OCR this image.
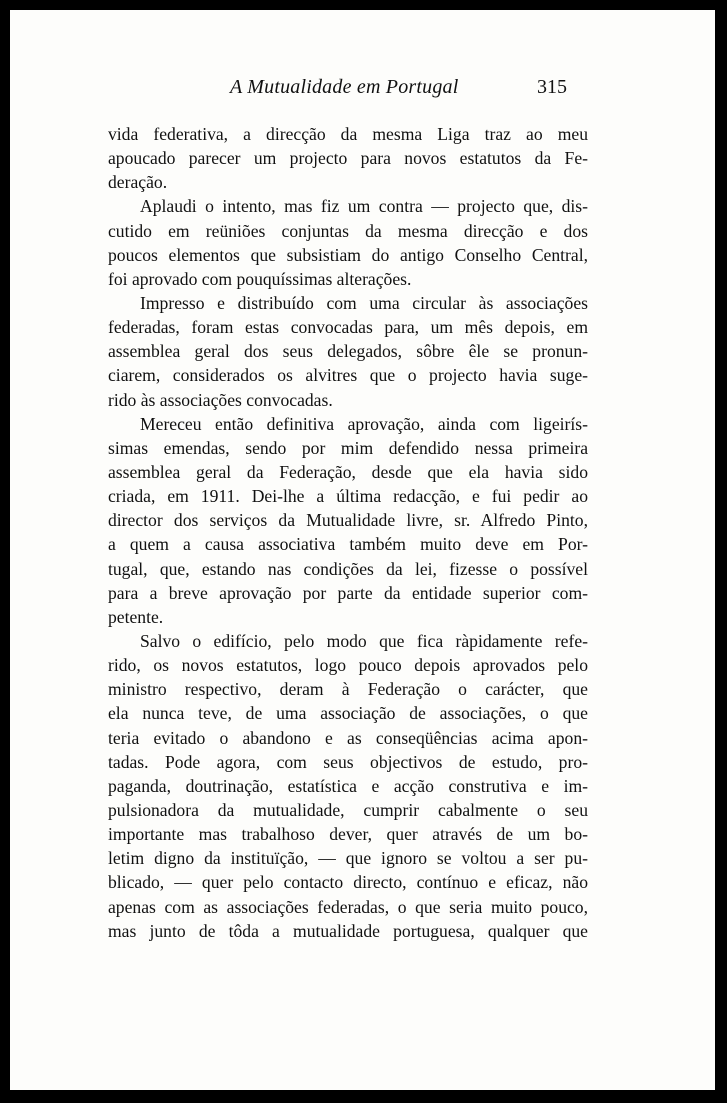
A Mutualidade em Portugal	315
vida federativa, a direcção da mesma Liga traz ao meu
apoucado parecer um projecto para novos estatutos da Fe-
deração.
Aplaudi o intento, mas fiz um contra — projecto que, dis-
cutido em reüniões conjuntas da mesma direcção e dos
poucos elementos que subsistiam do antigo Conselho Central,
foi aprovado com pouquíssimas alterações.
Impresso e distribuído com uma circular às associações
federadas, foram estas convocadas para, um mês depois, em
assemblea geral dos seus delegados, sôbre êle se pronun-
ciarem, considerados os alvitres que o projecto havia suge-
rido às associações convocadas.
Mereceu então definitiva aprovação, ainda com ligeirís-
simas emendas, sendo por mim defendido nessa primeira
assemblea geral da Federação, desde que ela havia sido
criada, em 1911. Dei-lhe a última redacção, e fui pedir ao
director dos serviços da Mutualidade livre, sr. Alfredo Pinto,
a quem a causa associativa também muito deve em Por-
tugal, que, estando nas condições da lei, fizesse o possível
para a breve aprovação por parte da entidade superior com-
petente.
Salvo o edifício, pelo modo que fica ràpidamente refe-
rido, os novos estatutos, logo pouco depois aprovados pelo
ministro respectivo, deram à Federação o carácter, que
ela nunca teve, de uma associação de associações, o que
teria evitado o abandono e as conseqüências acima apon-
tadas. Pode agora, com seus objectivos de estudo, pro-
paganda, doutrinação, estatística e acção construtiva e im-
pulsionadora da mutualidade, cumprir cabalmente o seu
importante mas trabalhoso dever, quer através de um bo-
letim digno da instituïção, — que ignoro se voltou a ser pu-
blicado, — quer pelo contacto directo, contínuo e eficaz, não
apenas com as associações federadas, o que seria muito pouco,
mas junto de tôda a mutualidade portuguesa, qualquer que
